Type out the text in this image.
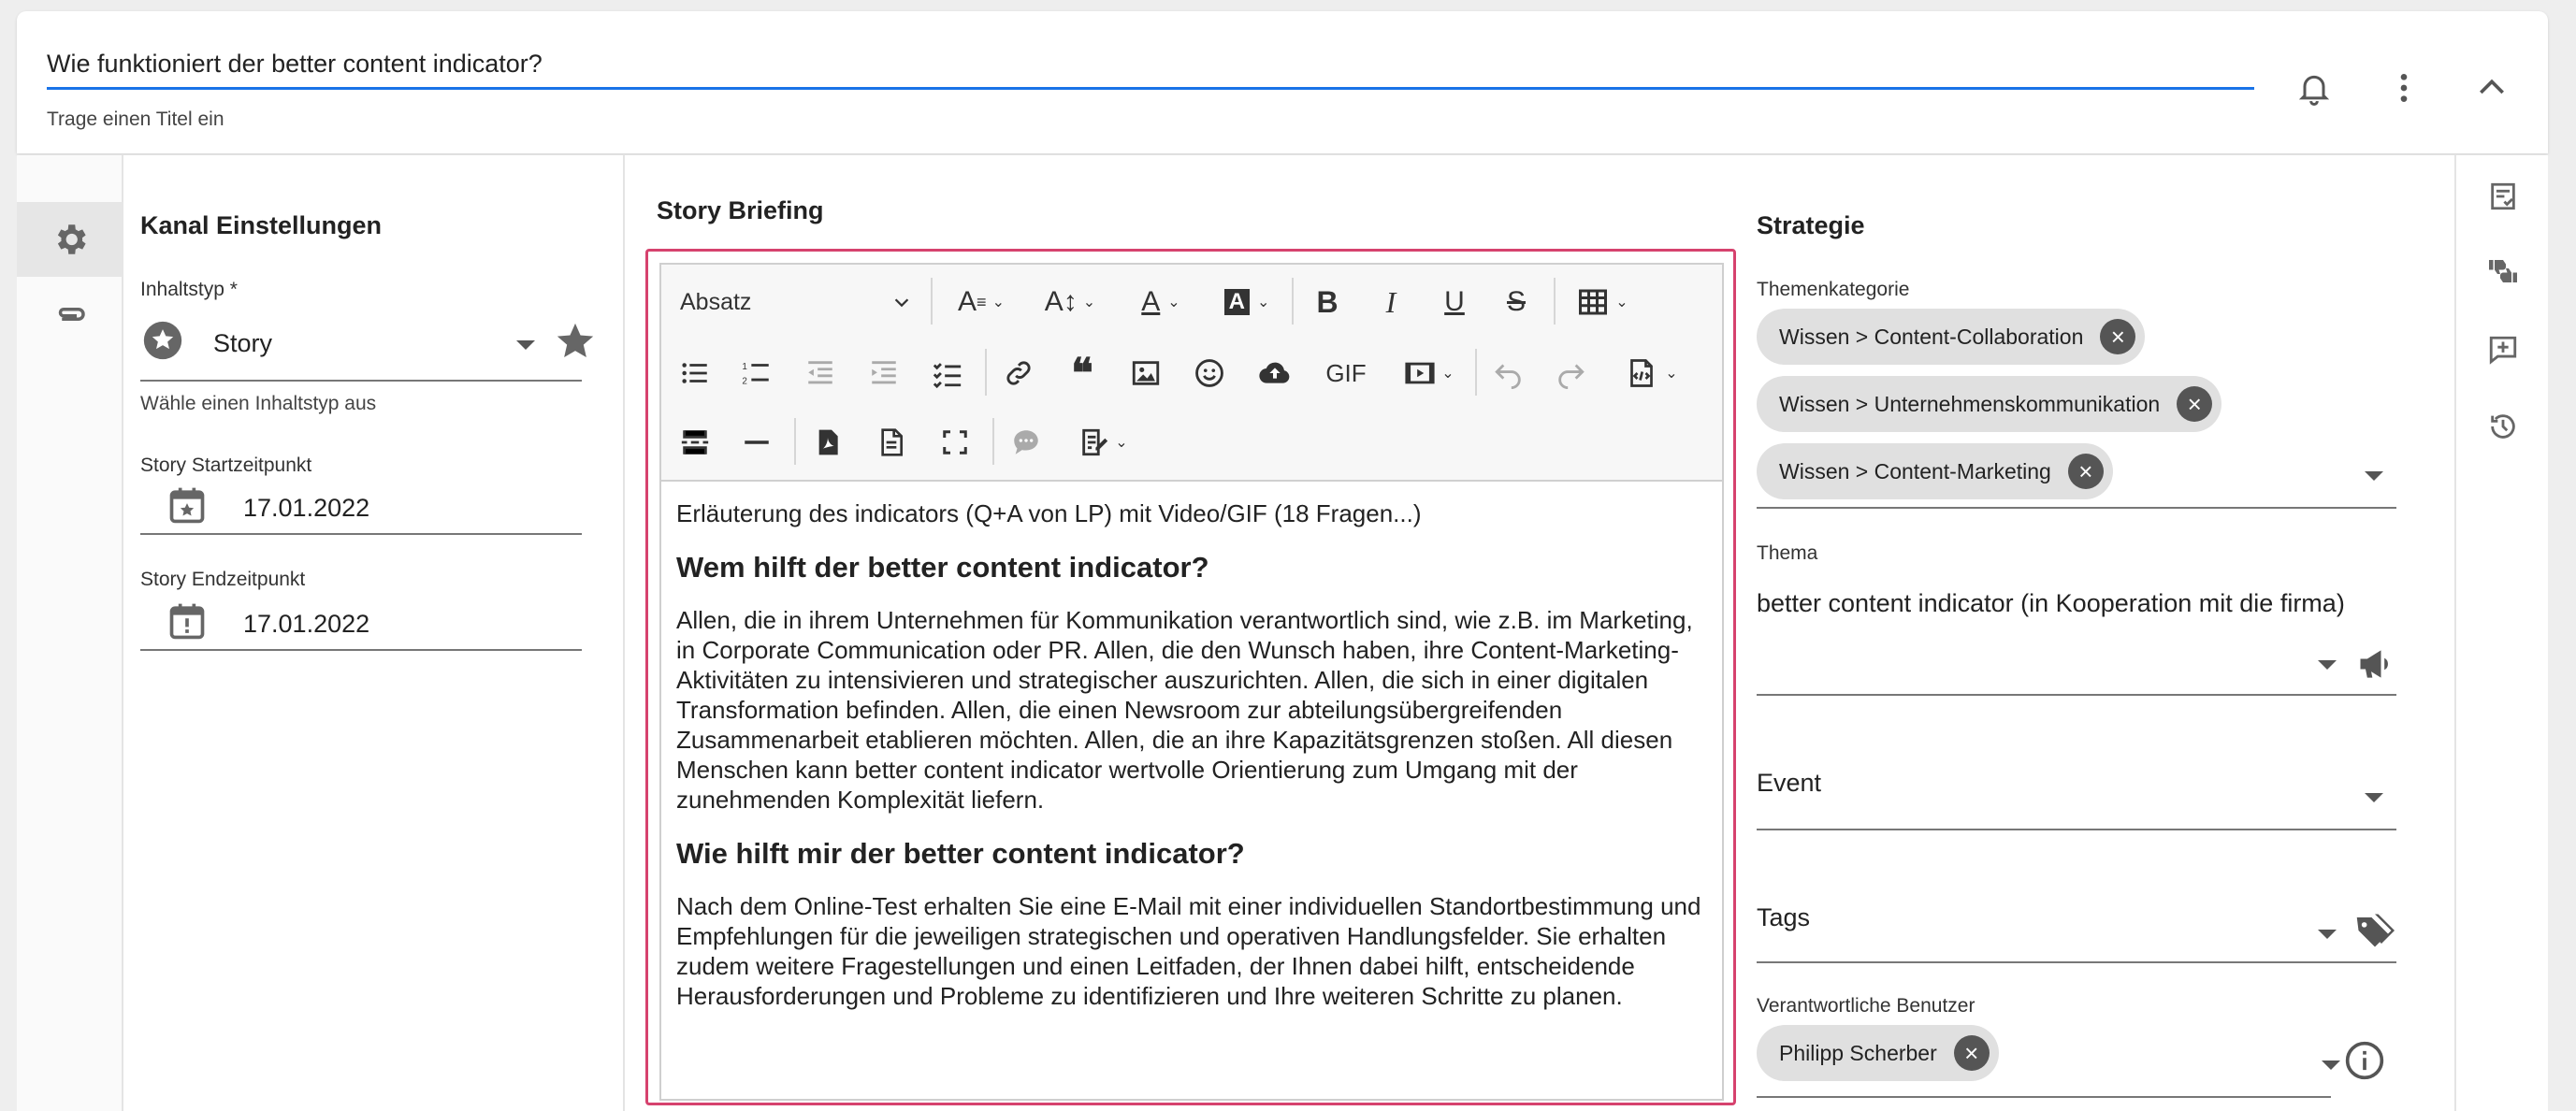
Wie funktioniert der better content indicator?
Trage einen Titel ein
Kanal Einstellungen
Inhaltstyp *
Story
Wähle einen Inhaltstyp aus
Story Startzeitpunkt
17.01.2022
Story Endzeitpunkt
17.01.2022
Story Briefing
Absatz	A ≡ ⌄	A↕ ⌄ A ⌄ A ⌄	B	I	U	S	⌄
1
2	❝	GIF	⌄	⌄
⌄

Erläuterung des indicators (Q+A von LP) mit Video/GIF (18 Fragen...)

Wem hilft der better content indicator?

Allen, die in ihrem Unternehmen für Kommunikation verantwortlich sind, wie z.B. im Marketing, in Corporate Communication oder PR. Allen, die den Wunsch haben, ihre Content-Marketing-Aktivitäten zu intensivieren und strategischer auszurichten. Allen, die sich in einer digitalen Transformation befinden. Allen, die einen Newsroom zur abteilungsübergreifenden Zusammenarbeit etablieren möchten. Allen, die an ihre Kapazitätsgrenzen stoßen. All diesen Menschen kann better content indicator wertvolle Orientierung zum Umgang mit der zunehmenden Komplexität liefern.

Wie hilft mir der better content indicator?

Nach dem Online-Test erhalten Sie eine E-Mail mit einer individuellen Standortbestimmung und Empfehlungen für die jeweiligen strategischen und operativen Handlungsfelder. Sie erhalten zudem weitere Fragestellungen und einen Leitfaden, der Ihnen dabei hilft, entscheidende Herausforderungen und Probleme zu identifizieren und Ihre weiteren Schritte zu planen.

Strategie
Themenkategorie
Wissen > Content-Collaboration	×
Wissen > Unternehmenskommunikation	×
Wissen > Content-Marketing	×
Thema
better content indicator (in Kooperation mit die firma)
Event
Tags
Verantwortliche Benutzer
Philipp Scherber	×
